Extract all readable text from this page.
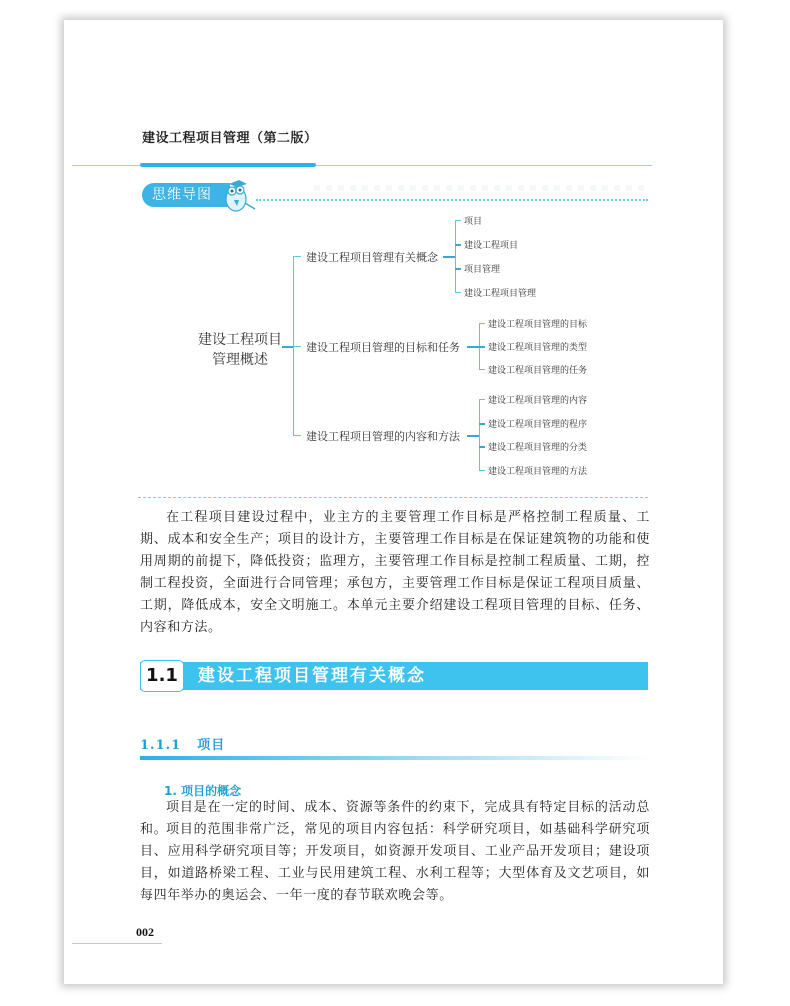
建设工程项目管理（第二版）
思维导图
建设工程项目
管理概述
建设工程项目管理有关概念
项目
建设工程项目
项目管理
建设工程项目管理
建设工程项目管理的目标和任务
建设工程项目管理的目标
建设工程项目管理的类型
建设工程项目管理的任务
建设工程项目管理的内容和方法
建设工程项目管理的内容
建设工程项目管理的程序
建设工程项目管理的分类
建设工程项目管理的方法
在工程项目建设过程中，业主方的主要管理工作目标是严格控制工程质量、工期、成本和安全生产；项目的设计方，主要管理工作目标是在保证建筑物的功能和使用周期的前提下，降低投资；监理方，主要管理工作目标是控制工程质量、工期，控制工程投资，全面进行合同管理；承包方，主要管理工作目标是保证工程项目质量、工期，降低成本，安全文明施工。本单元主要介绍建设工程项目管理的目标、任务、内容和方法。
1.1	建设工程项目管理有关概念
1.1.1 项目
1. 项目的概念
项目是在一定的时间、成本、资源等条件的约束下，完成具有特定目标的活动总和。
项目的范围非常广泛，常见的项目内容包括：科学研究项目，如基础科学研究项目、应用科学研究项目等；开发项目，如资源开发项目、工业产品开发项目；建设项目，如道路桥梁工程、工业与民用建筑工程、水利工程等；大型体育及文艺项目，如每四年举办的奥运会、一年一度的春节联欢晚会等。
002
